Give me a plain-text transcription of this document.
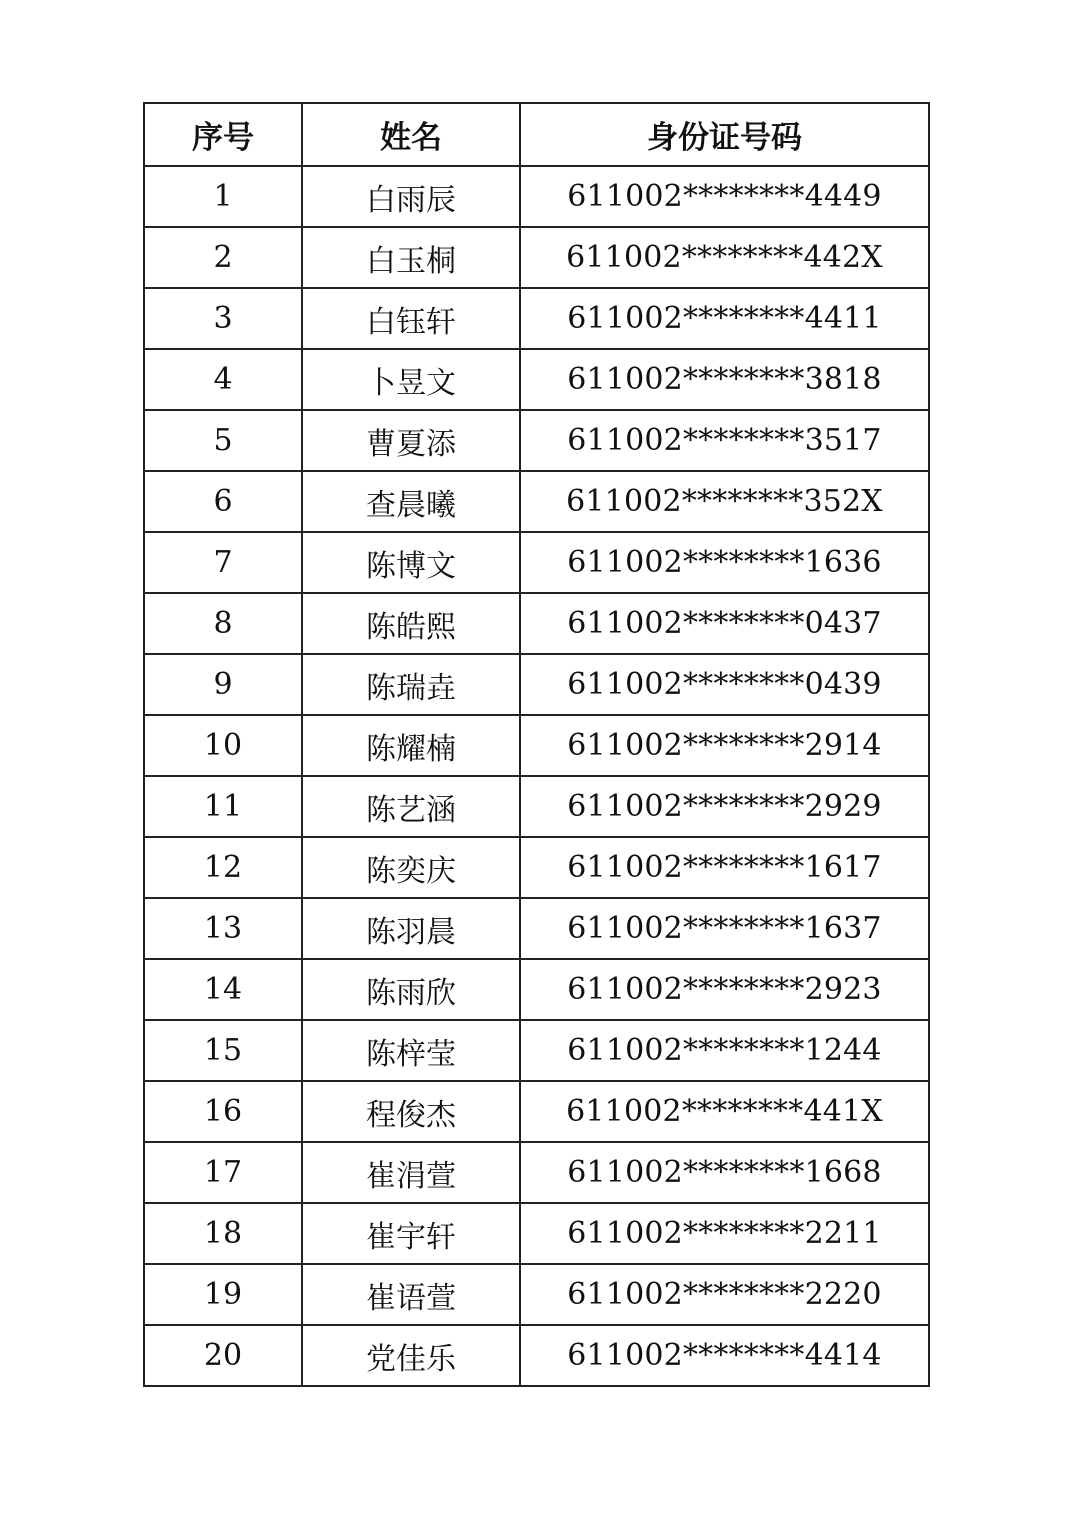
序号	姓名	身份证号码
1	白雨辰	611002********4449
2	白玉桐	611002********442X
3	白钰轩	611002********4411
4	卜昱文	611002********3818
5	曹夏添	611002********3517
6	查晨曦	611002********352X
7	陈博文	611002********1636
8	陈皓熙	611002********0437
9	陈瑞垚	611002********0439
10	陈耀楠	611002********2914
11	陈艺涵	611002********2929
12	陈奕庆	611002********1617
13	陈羽晨	611002********1637
14	陈雨欣	611002********2923
15	陈梓莹	611002********1244
16	程俊杰	611002********441X
17	崔涓萱	611002********1668
18	崔宇轩	611002********2211
19	崔语萱	611002********2220
20	党佳乐	611002********4414
